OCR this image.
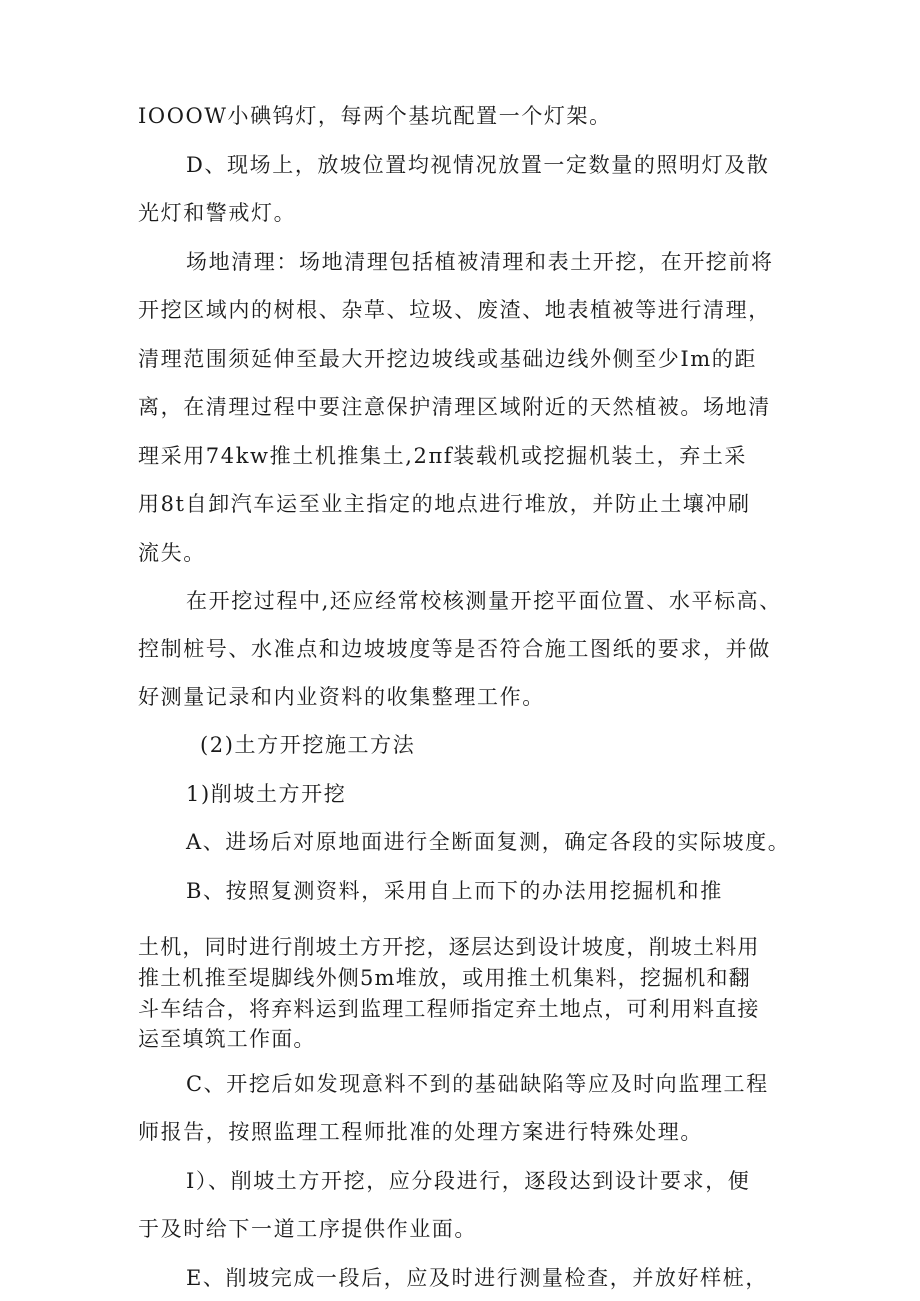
IOOOW小碘钨灯，每两个基坑配置一个灯架。
D、现场上，放坡位置均视情况放置一定数量的照明灯及散
光灯和警戒灯。
场地清理：场地清理包括植被清理和表土开挖，在开挖前将
开挖区域内的树根、杂草、垃圾、废渣、地表植被等进行清理，
清理范围须延伸至最大开挖边坡线或基础边线外侧至少Im的距
离，在清理过程中要注意保护清理区域附近的天然植被。场地清
理采用74kw推土机推集土,2πf装载机或挖掘机装土，弃土采
用8t自卸汽车运至业主指定的地点进行堆放，并防止土壤冲刷
流失。
在开挖过程中,还应经常校核测量开挖平面位置、水平标高、
控制桩号、水准点和边坡坡度等是否符合施工图纸的要求，并做
好测量记录和内业资料的收集整理工作。
(2)土方开挖施工方法
1)削坡土方开挖
A、进场后对原地面进行全断面复测，确定各段的实际坡度。
B、按照复测资料，采用自上而下的办法用挖掘机和推
土机，同时进行削坡土方开挖，逐层达到设计坡度，削坡土料用
推土机推至堤脚线外侧5m堆放，或用推土机集料，挖掘机和翻
斗车结合，将弃料运到监理工程师指定弃土地点，可利用料直接
运至填筑工作面。
C、开挖后如发现意料不到的基础缺陷等应及时向监理工程
师报告，按照监理工程师批准的处理方案进行特殊处理。
I）、削坡土方开挖，应分段进行，逐段达到设计要求，便
于及时给下一道工序提供作业面。
E、削坡完成一段后，应及时进行测量检查，并放好样桩，
